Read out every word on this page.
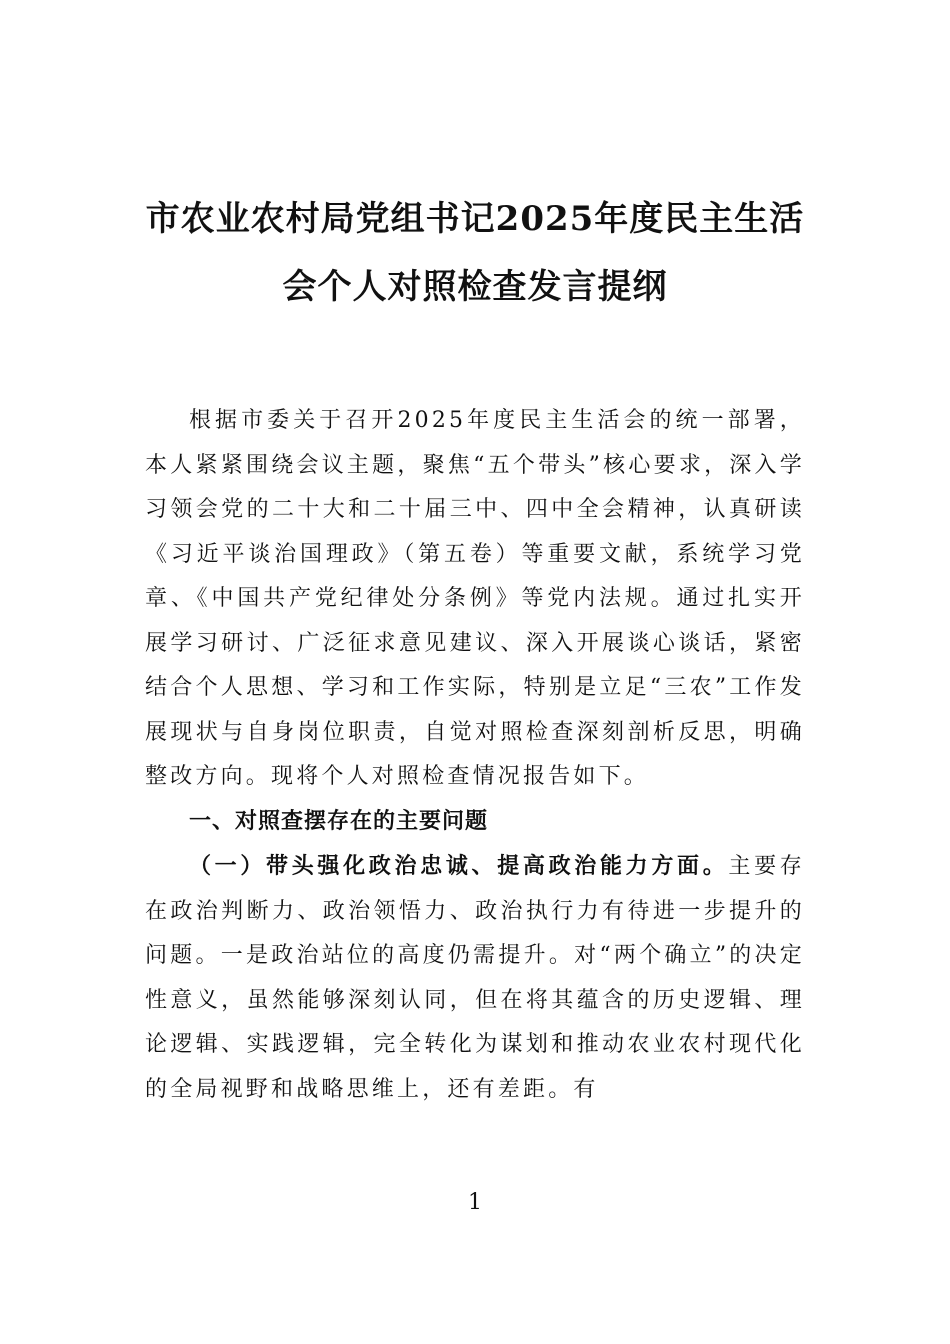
市农业农村局党组书记2025年度民主生活
会个人对照检查发言提纲

根据市委关于召开2025年度民主生活会的统一部署，本人紧紧围绕会议主题，聚焦“五个带头”核心要求，深入学习领会党的二十大和二十届三中、四中全会精神，认真研读《习近平谈治国理政》（第五卷）等重要文献，系统学习党章、《中国共产党纪律处分条例》等党内法规。通过扎实开展学习研讨、广泛征求意见建议、深入开展谈心谈话，紧密结合个人思想、学习和工作实际，特别是立足“三农”工作发展现状与自身岗位职责，自觉对照检查深刻剖析反思，明确整改方向。现将个人对照检查情况报告如下。

一、对照查摆存在的主要问题

（一）带头强化政治忠诚、提高政治能力方面。主要存在政治判断力、政治领悟力、政治执行力有待进一步提升的问题。一是政治站位的高度仍需提升。对“两个确立”的决定性意义，虽然能够深刻认同，但在将其蕴含的历史逻辑、理论逻辑、实践逻辑，完全转化为谋划和推动农业农村现代化的全局视野和战略思维上，还有差距。有

1
